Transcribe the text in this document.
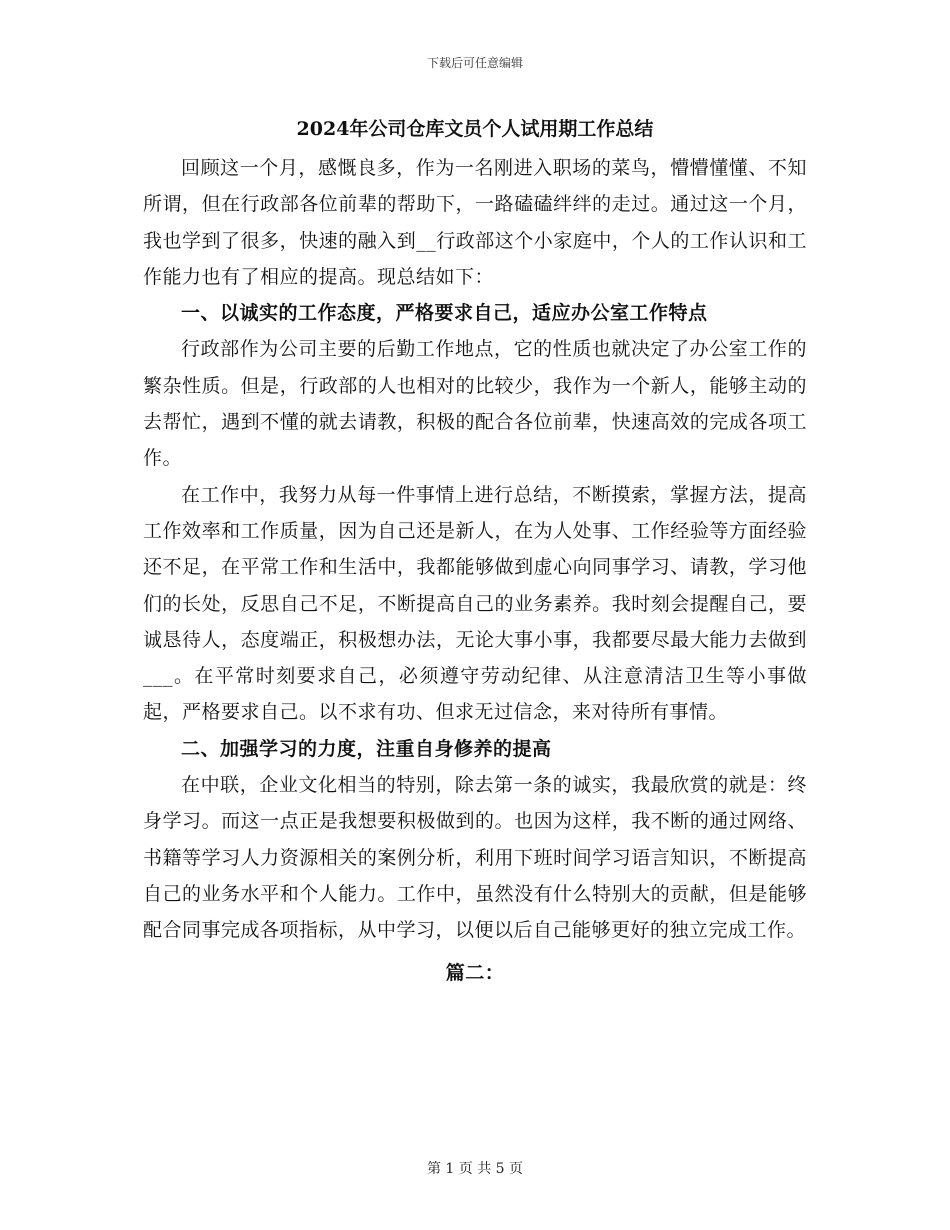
下载后可任意编辑
2024年公司仓库文员个人试用期工作总结

回顾这一个月，感慨良多，作为一名刚进入职场的菜鸟，懵懵懂懂、不知所谓，但在行政部各位前辈的帮助下，一路磕磕绊绊的走过。通过这一个月，我也学到了很多，快速的融入到__行政部这个小家庭中，个人的工作认识和工作能力也有了相应的提高。现总结如下：

一、以诚实的工作态度，严格要求自己，适应办公室工作特点

行政部作为公司主要的后勤工作地点，它的性质也就决定了办公室工作的繁杂性质。但是，行政部的人也相对的比较少，我作为一个新人，能够主动的去帮忙，遇到不懂的就去请教，积极的配合各位前辈，快速高效的完成各项工作。

在工作中，我努力从每一件事情上进行总结，不断摸索，掌握方法，提高工作效率和工作质量，因为自己还是新人，在为人处事、工作经验等方面经验还不足，在平常工作和生活中，我都能够做到虚心向同事学习、请教，学习他们的长处，反思自己不足，不断提高自己的业务素养。我时刻会提醒自己，要诚恳待人，态度端正，积极想办法，无论大事小事，我都要尽最大能力去做到___。在平常时刻要求自己，必须遵守劳动纪律、从注意清洁卫生等小事做起，严格要求自己。以不求有功、但求无过信念，来对待所有事情。

二、加强学习的力度，注重自身修养的提高

在中联，企业文化相当的特别，除去第一条的诚实，我最欣赏的就是：终身学习。而这一点正是我想要积极做到的。也因为这样，我不断的通过网络、书籍等学习人力资源相关的案例分析，利用下班时间学习语言知识，不断提高自己的业务水平和个人能力。工作中，虽然没有什么特别大的贡献，但是能够配合同事完成各项指标，从中学习，以便以后自己能够更好的独立完成工作。

篇二：

第 1 页 共 5 页
